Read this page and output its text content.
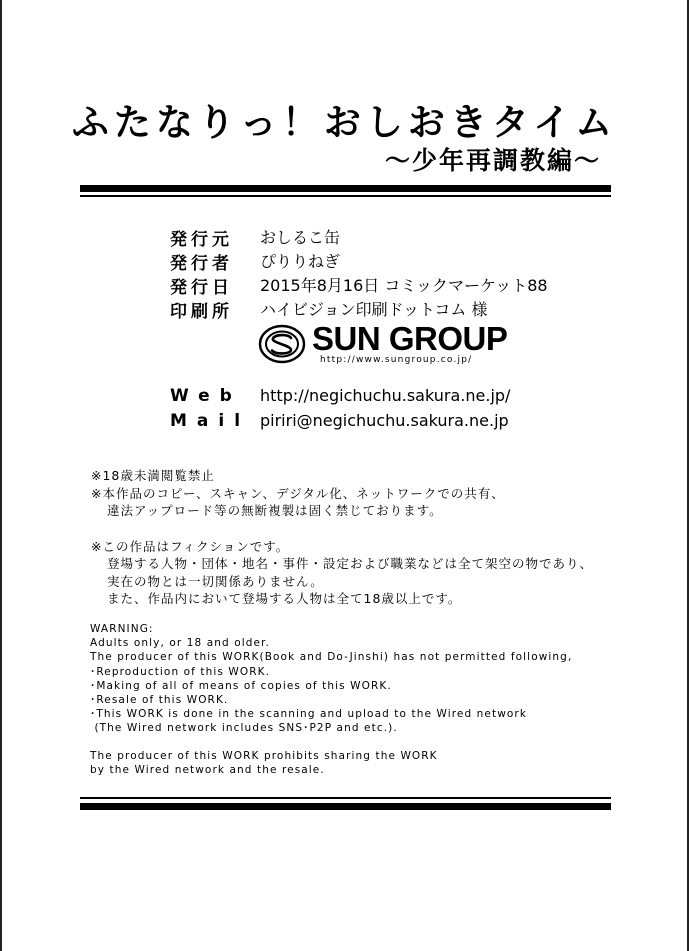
ふたなりっ！おしおきタイム
～少年再調教編～
発行元	おしるこ缶
発行者	ぴりりねぎ
発行日	2015年8月16日 コミックマーケット88
印刷所	ハイビジョン印刷ドットコム 様
SUN GROUP
http://www.sungroup.co.jp/
Web http://negichuchu.sakura.ne.jp/
Mail piriri@negichuchu.sakura.ne.jp
※18歳未満閲覧禁止
※本作品のコピー、スキャン、デジタル化、ネットワークでの共有、
違法アップロード等の無断複製は固く禁じております。
※この作品はフィクションです。
登場する人物・団体・地名・事件・設定および職業などは全て架空の物であり、
実在の物とは一切関係ありません。
また、作品内において登場する人物は全て18歳以上です。
WARNING:
Adults only, or 18 and older.
The producer of this WORK(Book and Do-Jinshi) has not permitted following,
･Reproduction of this WORK.
･Making of all of means of copies of this WORK.
･Resale of this WORK.
･This WORK is done in the scanning and upload to the Wired network
(The Wired network includes SNS･P2P and etc.).
The producer of this WORK prohibits sharing the WORK
by the Wired network and the resale.
